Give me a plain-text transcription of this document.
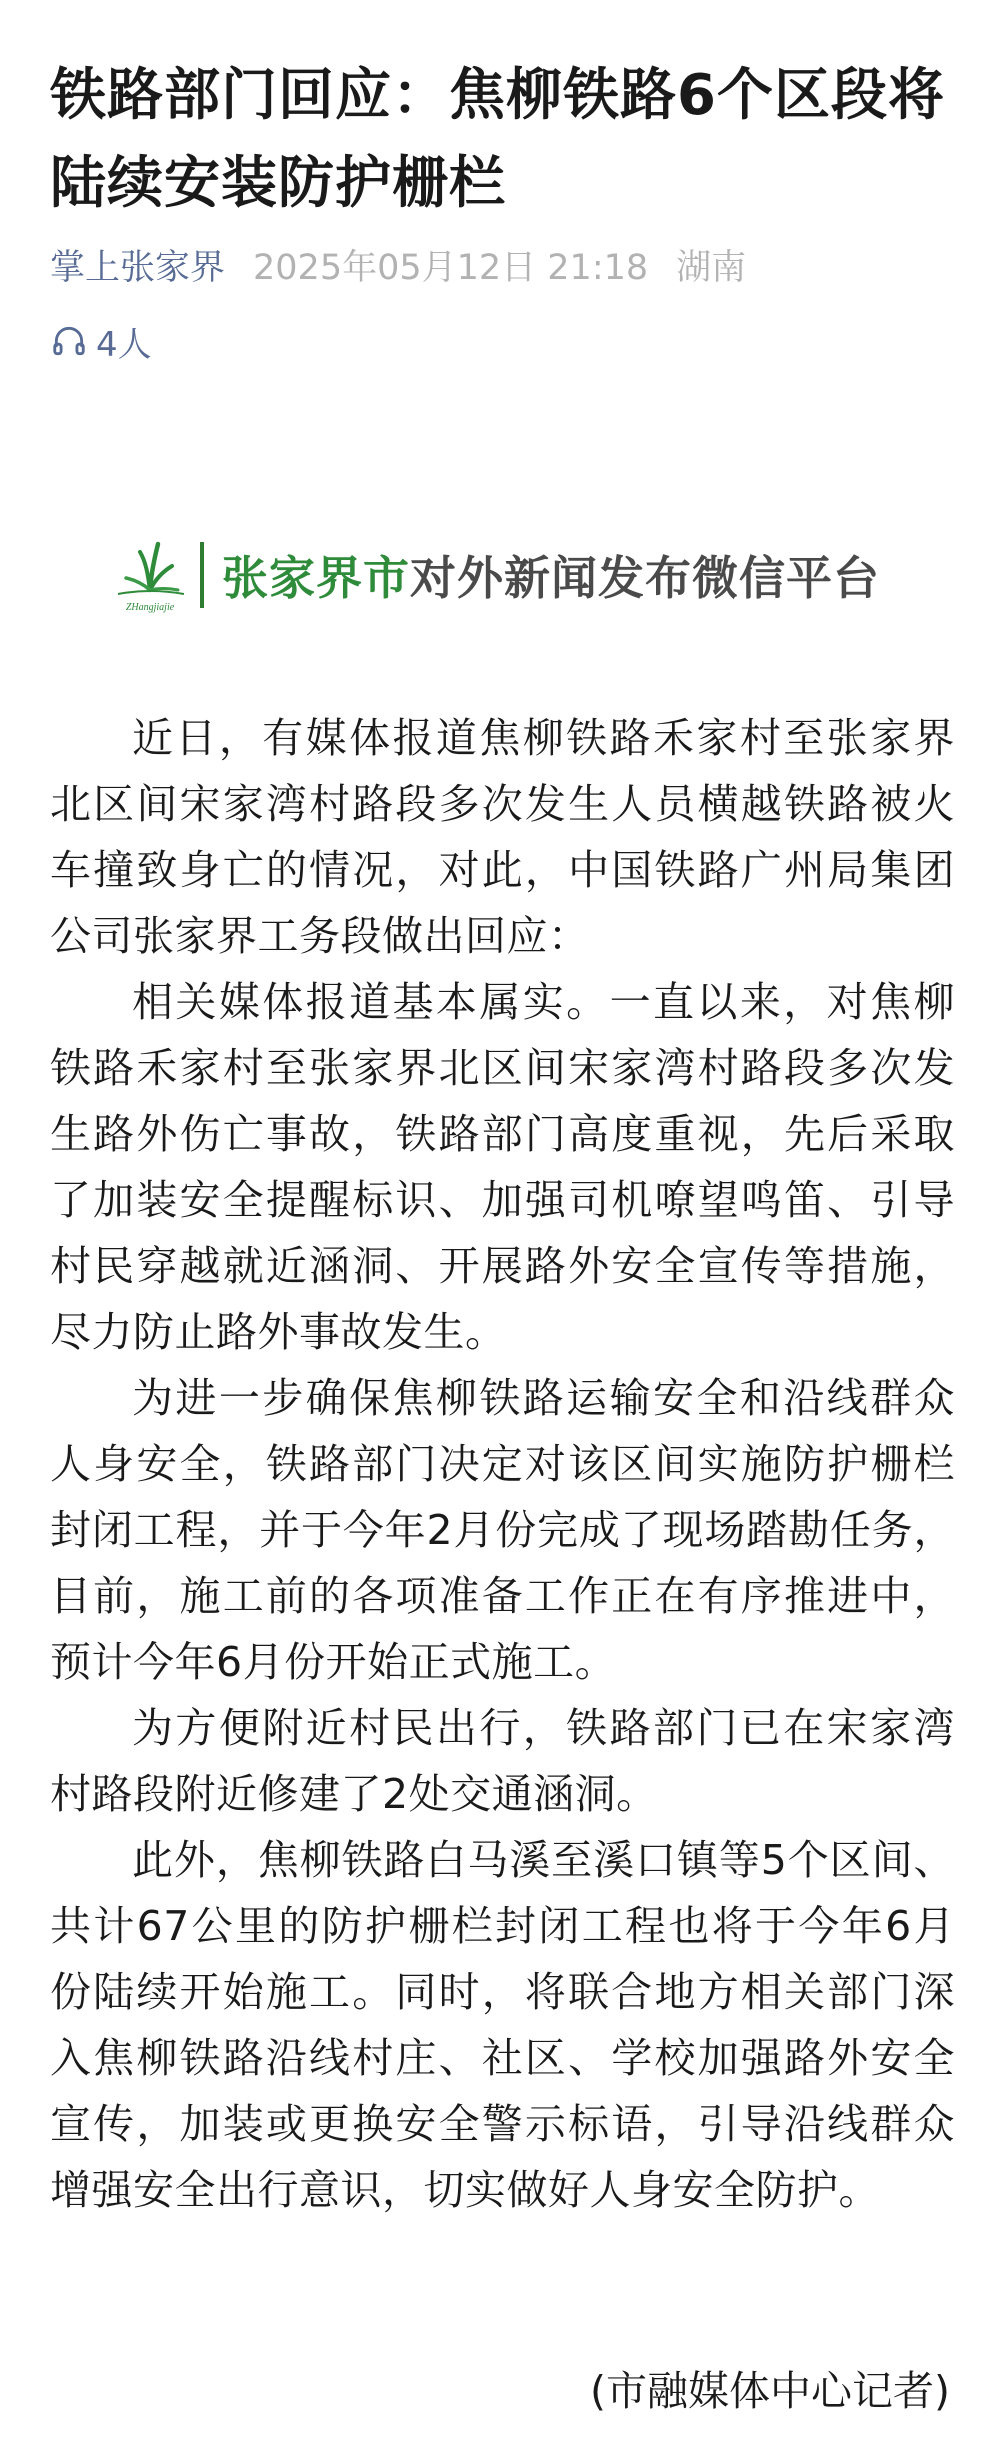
铁路部门回应：焦柳铁路6个区段将陆续安装防护栅栏
掌上张家界 2025年05月12日 21:18 湖南
4人
ZHangjiajie
张家界市对外新闻发布微信平台

近日，有媒体报道焦柳铁路禾家村至张家界北区间宋家湾村路段多次发生人员横越铁路被火车撞致身亡的情况，对此，中国铁路广州局集团公司张家界工务段做出回应：

相关媒体报道基本属实。一直以来，对焦柳铁路禾家村至张家界北区间宋家湾村路段多次发生路外伤亡事故，铁路部门高度重视，先后采取了加装安全提醒标识、加强司机嘹望鸣笛、引导村民穿越就近涵洞、开展路外安全宣传等措施，尽力防止路外事故发生。

为进一步确保焦柳铁路运输安全和沿线群众人身安全，铁路部门决定对该区间实施防护栅栏封闭工程，并于今年2月份完成了现场踏勘任务，目前，施工前的各项准备工作正在有序推进中，预计今年6月份开始正式施工。

为方便附近村民出行，铁路部门已在宋家湾村路段附近修建了2处交通涵洞。

此外，焦柳铁路白马溪至溪口镇等5个区间、共计67公里的防护栅栏封闭工程也将于今年6月份陆续开始施工。同时，将联合地方相关部门深入焦柳铁路沿线村庄、社区、学校加强路外安全宣传，加装或更换安全警示标语，引导沿线群众增强安全出行意识，切实做好人身安全防护。

(市融媒体中心记者)
